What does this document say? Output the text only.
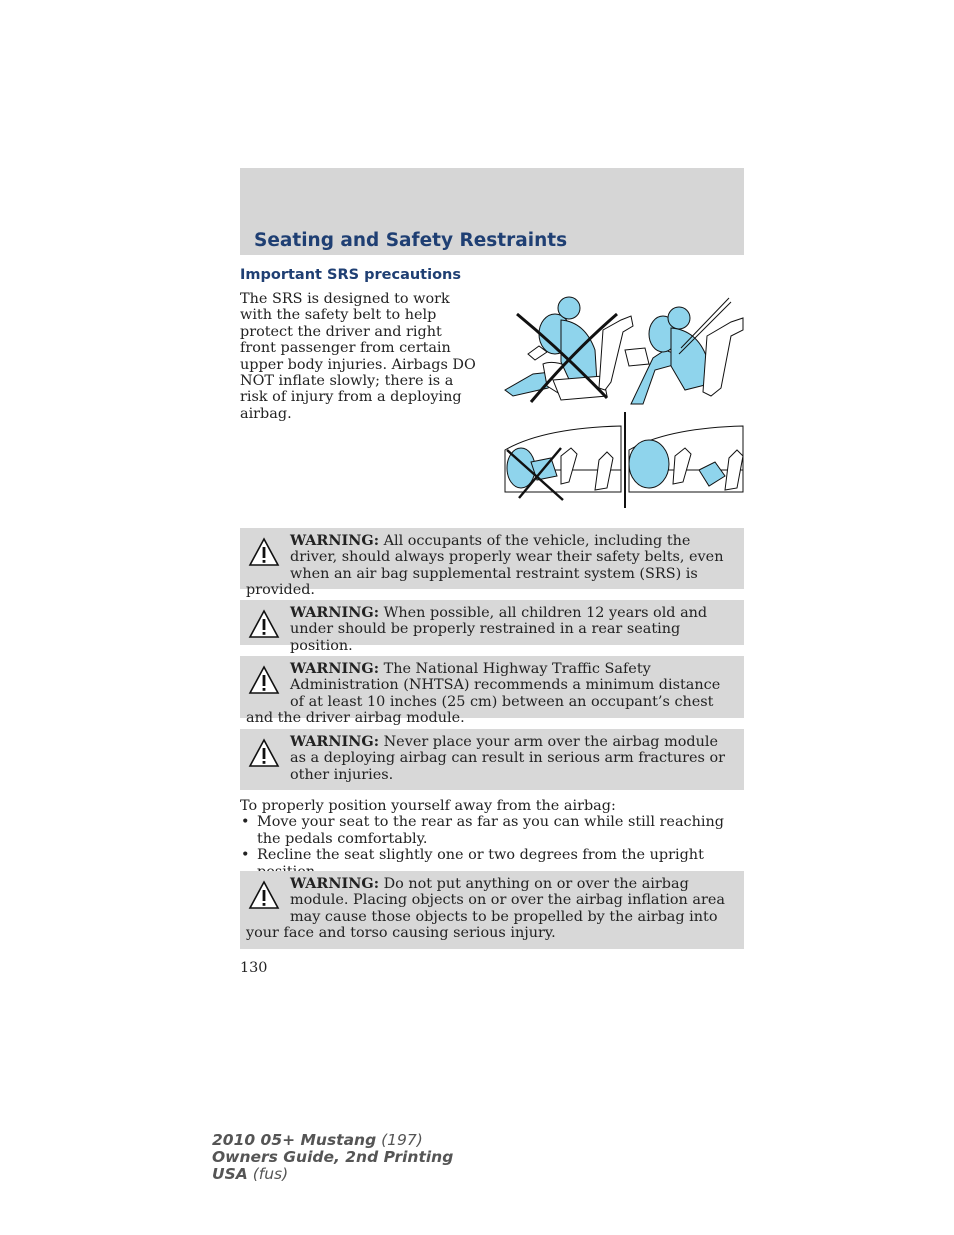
Seating and Safety Restraints
Important SRS precautions

The SRS is designed to work with the safety belt to help protect the driver and right front passenger from certain upper body injuries. Airbags DO NOT inflate slowly; there is a risk of injury from a deploying airbag.

WARNING: All occupants of the vehicle, including the driver, should always properly wear their safety belts, even when an air bag supplemental restraint system (SRS) is provided.
WARNING: When possible, all children 12 years old and under should be properly restrained in a rear seating position.
WARNING: The National Highway Traffic Safety Administration (NHTSA) recommends a minimum distance of at least 10 inches (25 cm) between an occupant’s chest and the driver airbag module.
WARNING: Never place your arm over the airbag module as a deploying airbag can result in serious arm fractures or other injuries.

To properly position yourself away from the airbag:

• Move your seat to the rear as far as you can while still reaching the pedals comfortably.
• Recline the seat slightly one or two degrees from the upright
WARNING: Do not put anything on or over the airbag module. Placing objects on or over the airbag inflation area may cause those objects to be propelled by the airbag into your face and torso causing serious injury.
130
2010 05+ Mustang (197)
Owners Guide, 2nd Printing
USA (fus)
